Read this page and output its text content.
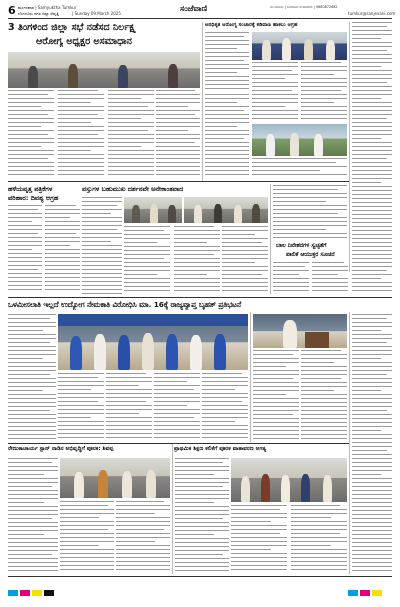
6 ಮಂಗಳವಾರ | Samyuktha Tumkur
ಬೆಂಗಳೂರು ನಗರ ಜಿಲ್ಲಾ ಆವೃತ್ತಿ	| Sunday 09 March 2025
ಸಂಜೆವಾಣಿ	ಮಂಗಳವಾರ | ಸಂಜೆವಾಣಿ ಸಂಪಾದಕರು | 9880872682
tumkur@sanjevani.com
3 ತಿಂಗಳಿಂದ ಜಿಲ್ಲಾ ಸಭೆ ನಡೆಸದ ನಿರ್ಲಕ್ಷ್ಯ
ಆರೋಗ್ಯ ಅಧ್ಯಕ್ಷರ ಅಸಮಾಧಾನ
ಅನಧಿಕೃತ ಆರೋಗ್ಯ ಸಂಚಾರಕ್ಕೆ ಕಡಿವಾಣ ಹಾಕಲು ಆಗ್ರಹ
ಹಳೆಯವೃತ್ತ ಪತ್ರಿಕೆಗಳ
ಪರಿಹಾರ: ದಿವಶ್ಯ ಆಗ್ರಹ
ವಸ್ತುಗಳ ಬಹುಮುಖ ದರ್ಶನವೇ ಅನೇಕಾಂತವಾದ
ಬಾಲ ನಿವೇಶನಗಳ ಸ್ವಚ್ಛತೆಗೆ
ಪಾಲಿಕೆ ಆಯುಕ್ತರ ಸೂಚನೆ
ಒಳಮೀಸಲಾತಿ ಇಲ್ಲದೆ ಉದ್ಯೋಗ ನೇಮಕಾತಿ ವಿರೋಧಿಸಿ ಮಾ. 16ಕ್ಕೆ ರಾಜ್ಯವ್ಯಾಪ್ತ ಬೃಹತ್ ಪ್ರತಿಭಟನೆ
ರೇಣುಕಾಚಾರ್ಯ ಸ್ಟಾನ್ ನಾಡಿನ ಅಭಿವೃದ್ಧಿಗೆ ಪೂರಕ: ಶಿವಪ್ಪ	ಪ್ರಾಥಮಿಕ ಶಿಕ್ಷಣ ಕಲಿಕೆಗೆ ಪೂರಕ ವಾತಾವರಣ ಅಗತ್ಯ
